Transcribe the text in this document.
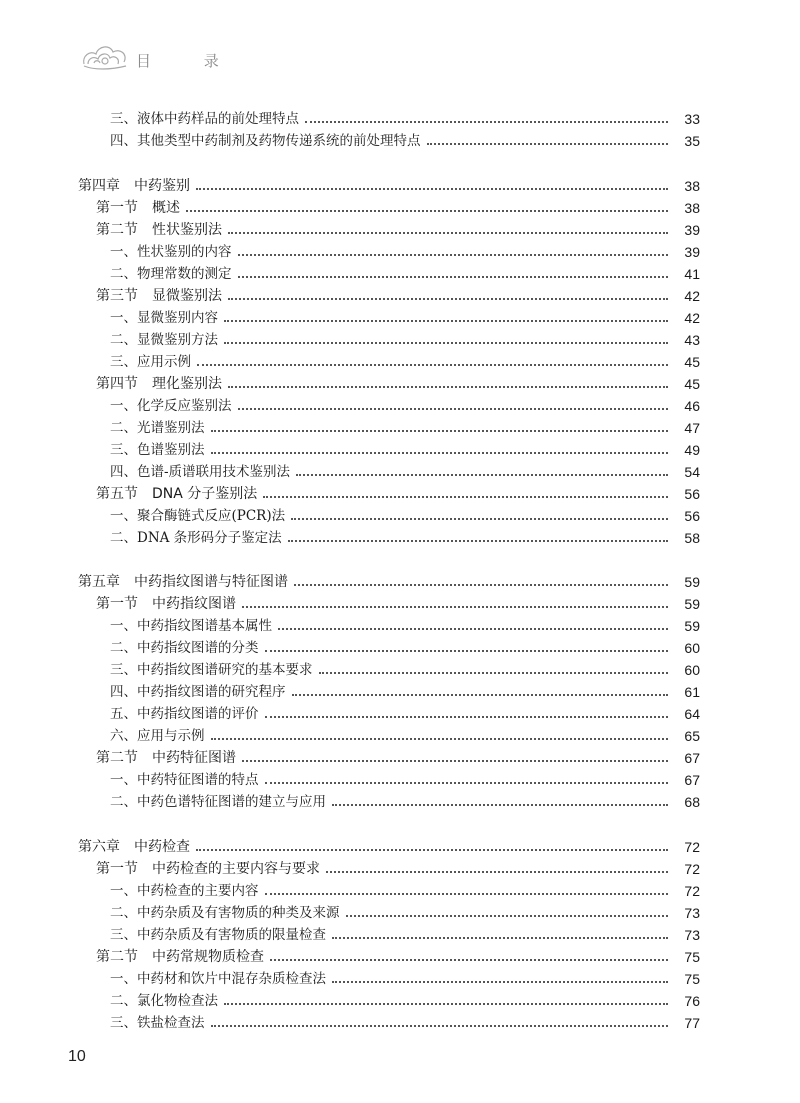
目 录
三、液体中药样品的前处理特点	33
四、其他类型中药制剂及药物传递系统的前处理特点	35
第四章　中药鉴别	38
第一节　概述	38
第二节　性状鉴别法	39
一、性状鉴别的内容	39
二、物理常数的测定	41
第三节　显微鉴别法	42
一、显微鉴别内容	42
二、显微鉴别方法	43
三、应用示例	45
第四节　理化鉴别法	45
一、化学反应鉴别法	46
二、光谱鉴别法	47
三、色谱鉴别法	49
四、色谱-质谱联用技术鉴别法	54
第五节　DNA 分子鉴别法	56
一、聚合酶链式反应(PCR)法	56
二、DNA 条形码分子鉴定法	58
第五章　中药指纹图谱与特征图谱	59
第一节　中药指纹图谱	59
一、中药指纹图谱基本属性	59
二、中药指纹图谱的分类	60
三、中药指纹图谱研究的基本要求	60
四、中药指纹图谱的研究程序	61
五、中药指纹图谱的评价	64
六、应用与示例	65
第二节　中药特征图谱	67
一、中药特征图谱的特点	67
二、中药色谱特征图谱的建立与应用	68
第六章　中药检查	72
第一节　中药检查的主要内容与要求	72
一、中药检查的主要内容	72
二、中药杂质及有害物质的种类及来源	73
三、中药杂质及有害物质的限量检查	73
第二节　中药常规物质检查	75
一、中药材和饮片中混存杂质检查法	75
二、氯化物检查法	76
三、铁盐检查法	77
10
